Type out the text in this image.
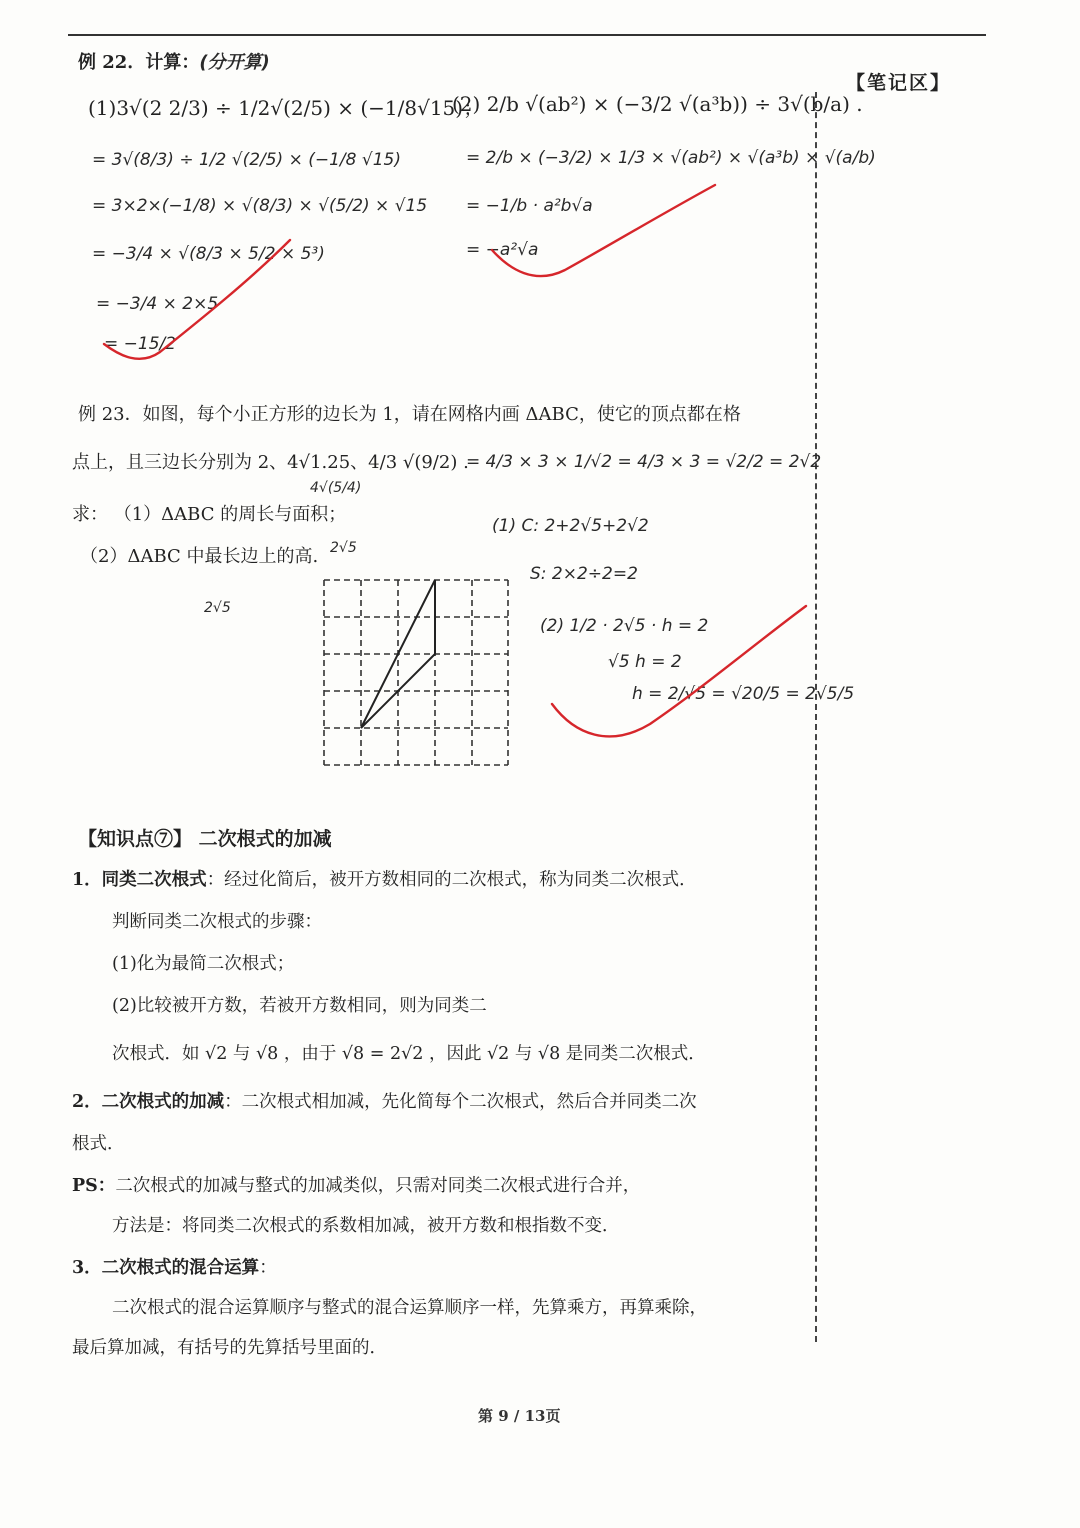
【笔记区】
例 22．计算：(分开算)
(1)3√(2 2/3) ÷ 1/2√(2/5) × (−1/8√15)；
(2) 2/b √(ab²) × (−3/2 √(a³b)) ÷ 3√(b/a) .
= 3√(8/3) ÷ 1/2 √(2/5) × (−1/8 √15)
= 3×2×(−1/8) × √(8/3) × √(5/2) × √15
= −3/4 × √(8/3 × 5/2 × 5³)
= −3/4 × 2×5
= −15/2
= 2/b × (−3/2) × 1/3 × √(ab²) × √(a³b) × √(a/b)
= −1/b · a²b√a
= −a²√a
例 23．如图，每个小正方形的边长为 1，请在网格内画 ΔABC，使它的顶点都在格
点上，且三边长分别为 2、4√1.25、4/3 √(9/2) .
= 4/3 × 3 × 1/√2 = 4/3 × 3 = √2/2 = 2√2
4√(5/4)
求： （1）ΔABC 的周长与面积；
（2）ΔABC 中最长边上的高. 2√5
2√5
(1) C: 2+2√5+2√2
S: 2×2÷2=2
(2) 1/2 · 2√5 · h = 2
√5 h = 2
h = 2/√5 = √20/5 = 2√5/5
【知识点⑦】 二次根式的加减
1．同类二次根式：经过化简后，被开方数相同的二次根式，称为同类二次根式．
判断同类二次根式的步骤：
(1)化为最简二次根式；
(2)比较被开方数，若被开方数相同，则为同类二
次根式．如 √2 与 √8 ，由于 √8 = 2√2 ，因此 √2 与 √8 是同类二次根式．
2．二次根式的加减：二次根式相加减，先化简每个二次根式，然后合并同类二次
根式．
PS：二次根式的加减与整式的加减类似，只需对同类二次根式进行合并，
方法是：将同类二次根式的系数相加减，被开方数和根指数不变．
3．二次根式的混合运算：
二次根式的混合运算顺序与整式的混合运算顺序一样，先算乘方，再算乘除，
最后算加减，有括号的先算括号里面的．
第 9 / 13页
